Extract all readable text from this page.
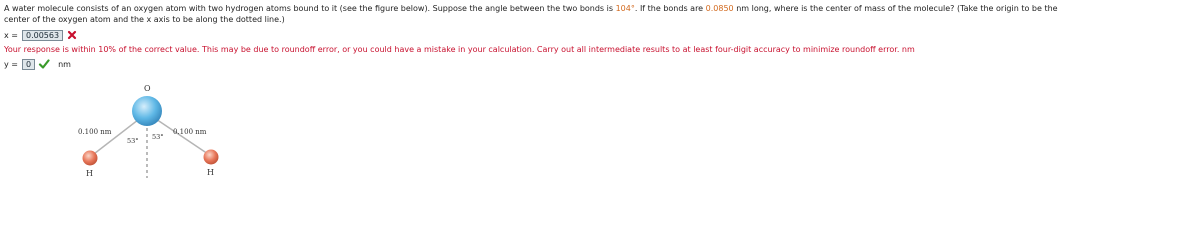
A water molecule consists of an oxygen atom with two hydrogen atoms bound to it (see the figure below). Suppose the angle between the two bonds is 104°. If the bonds are 0.0850 nm long, where is the center of mass of the molecule? (Take the origin to be the
center of the oxygen atom and the x axis to be along the dotted line.)
x =	0.00563
Your response is within 10% of the correct value. This may be due to roundoff error, or you could have a mistake in your calculation. Carry out all intermediate results to at least four-digit accuracy to minimize roundoff error. nm
y =	0	nm
O
0.100 nm	0.100 nm
53° 53°
H	H
